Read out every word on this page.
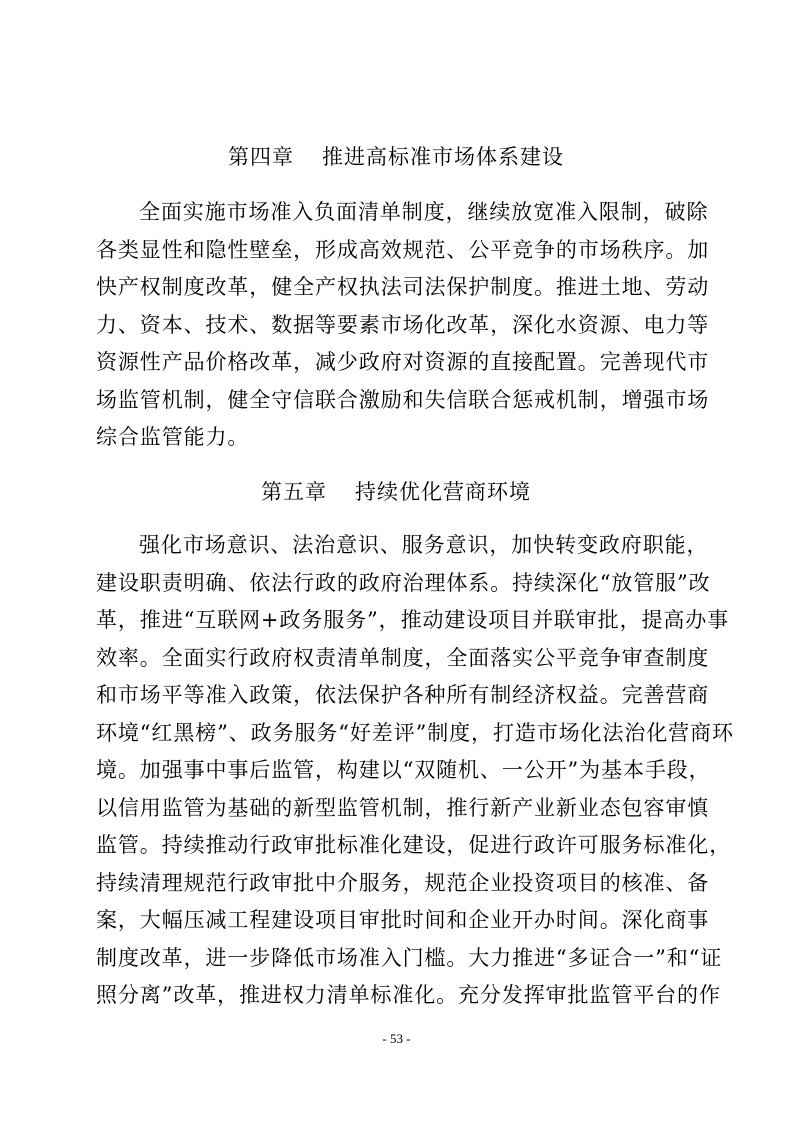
第四章 推进高标准市场体系建设
全面实施市场准入负面清单制度，继续放宽准入限制，破除
各类显性和隐性壁垒，形成高效规范、公平竞争的市场秩序。加
快产权制度改革，健全产权执法司法保护制度。推进土地、劳动
力、资本、技术、数据等要素市场化改革，深化水资源、电力等
资源性产品价格改革，减少政府对资源的直接配置。完善现代市
场监管机制，健全守信联合激励和失信联合惩戒机制，增强市场
综合监管能力。
第五章 持续优化营商环境
强化市场意识、法治意识、服务意识，加快转变政府职能，
建设职责明确、依法行政的政府治理体系。持续深化“放管服”改
革，推进“互联网+政务服务”，推动建设项目并联审批，提高办事
效率。全面实行政府权责清单制度，全面落实公平竞争审查制度
和市场平等准入政策，依法保护各种所有制经济权益。完善营商
环境“红黑榜”、政务服务“好差评”制度，打造市场化法治化营商环
境。加强事中事后监管，构建以“双随机、一公开”为基本手段，
以信用监管为基础的新型监管机制，推行新产业新业态包容审慎
监管。持续推动行政审批标准化建设，促进行政许可服务标准化，
持续清理规范行政审批中介服务，规范企业投资项目的核准、备
案，大幅压减工程建设项目审批时间和企业开办时间。深化商事
制度改革，进一步降低市场准入门槛。大力推进“多证合一”和“证
照分离”改革，推进权力清单标准化。充分发挥审批监管平台的作
- 53 -
